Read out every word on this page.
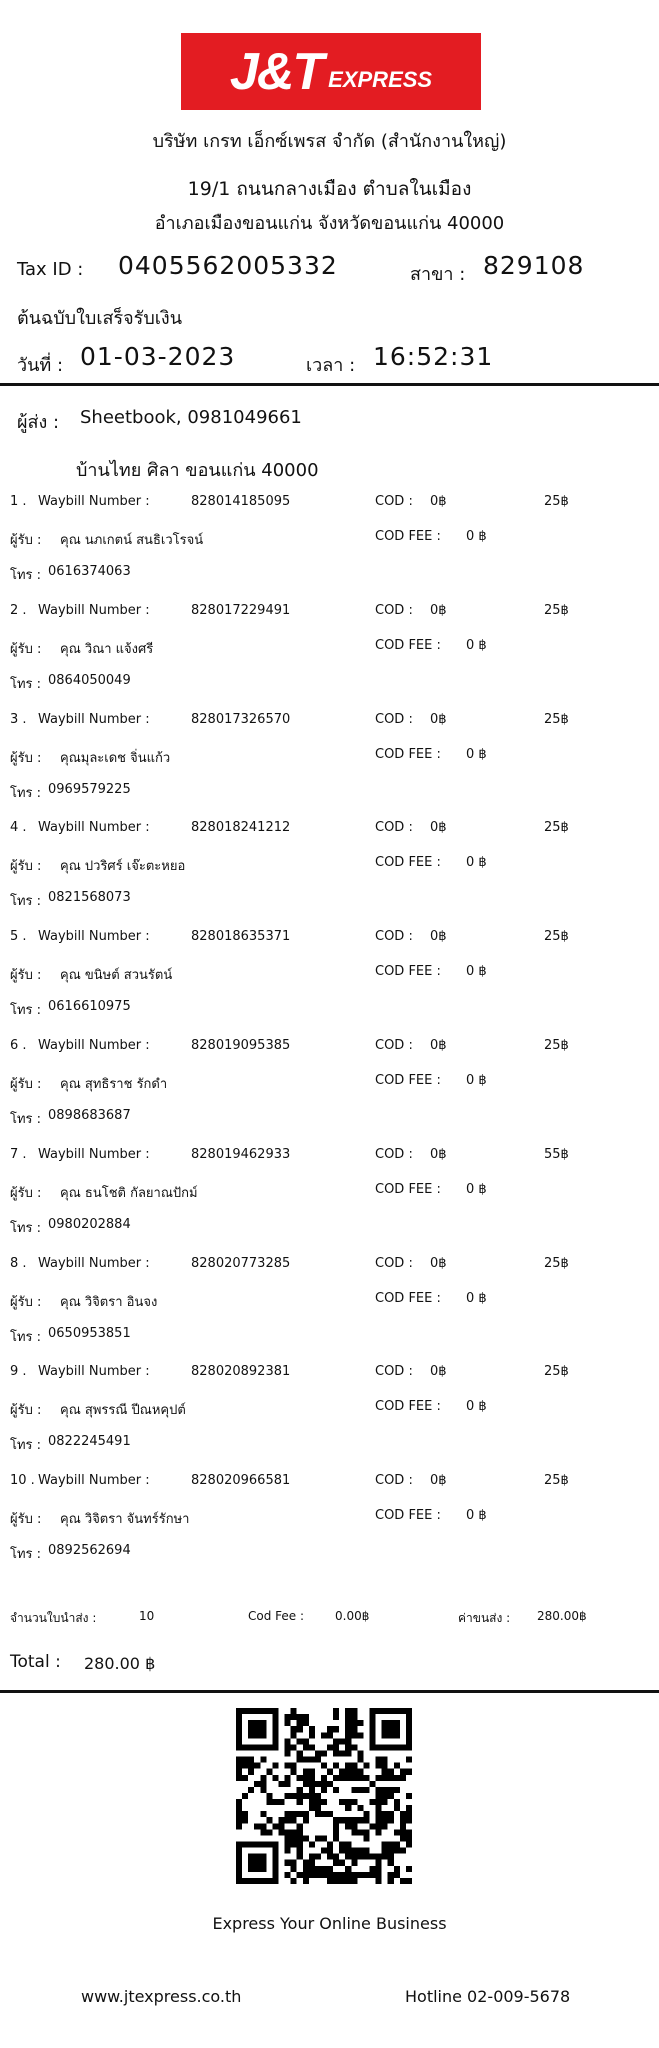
J&T EXPRESS
บริษัท เกรท เอ็กซ์เพรส จำกัด (สำนักงานใหญ่)
19/1 ถนนกลางเมือง ตำบลในเมือง
อำเภอเมืองขอนแก่น จังหวัดขอนแก่น 40000
Tax ID : 0405562005332	สาขา : 829108
ต้นฉบับใบเสร็จรับเงิน
วันที่ : 01-03-2023	เวลา : 16:52:31
ผู้ส่ง : Sheetbook, 0981049661
บ้านไทย ศิลา ขอนแก่น 40000
1 . Waybill Number :	828014185095	COD : 0฿	25฿
ผู้รับ : คุณ นภเกตน์ สนธิเวโรจน์	COD FEE : 0 ฿
โทร : 0616374063
2 . Waybill Number :	828017229491	COD : 0฿	25฿
ผู้รับ : คุณ วิณา แจ้งศรี	COD FEE : 0 ฿
โทร : 0864050049
3 . Waybill Number :	828017326570	COD : 0฿	25฿
ผู้รับ : คุณมุละเดช จิ่นแก้ว	COD FEE : 0 ฿
โทร : 0969579225
4 . Waybill Number :	828018241212	COD : 0฿	25฿
ผู้รับ : คุณ ปวริศร์ เจ๊ะตะหยอ	COD FEE : 0 ฿
โทร : 0821568073
5 . Waybill Number :	828018635371	COD : 0฿	25฿
ผู้รับ : คุณ ขนิษต์ สวนรัตน์	COD FEE : 0 ฿
โทร : 0616610975
6 . Waybill Number :	828019095385	COD : 0฿	25฿
ผู้รับ : คุณ สุทธิราช รักดำ	COD FEE : 0 ฿
โทร : 0898683687
7 . Waybill Number :	828019462933	COD : 0฿	55฿
ผู้รับ : คุณ ธนโชติ กัลยาณปักม์	COD FEE : 0 ฿
โทร : 0980202884
8 . Waybill Number :	828020773285	COD : 0฿	25฿
ผู้รับ : คุณ วิจิตรา อินจง	COD FEE : 0 ฿
โทร : 0650953851
9 . Waybill Number :	828020892381	COD : 0฿	25฿
ผู้รับ : คุณ สุพรรณี ปีณหคุปต์	COD FEE : 0 ฿
โทร : 0822245491
10 . Waybill Number :	828020966581	COD : 0฿	25฿
ผู้รับ : คุณ วิจิตรา จันทร์รักษา	COD FEE : 0 ฿
โทร : 0892562694
จำนวนใบนำส่ง :	10	Cod Fee :	0.00฿	ค่าขนส่ง : 280.00฿
Total : 280.00 ฿
Express Your Online Business
www.jtexpress.co.th	Hotline 02-009-5678
